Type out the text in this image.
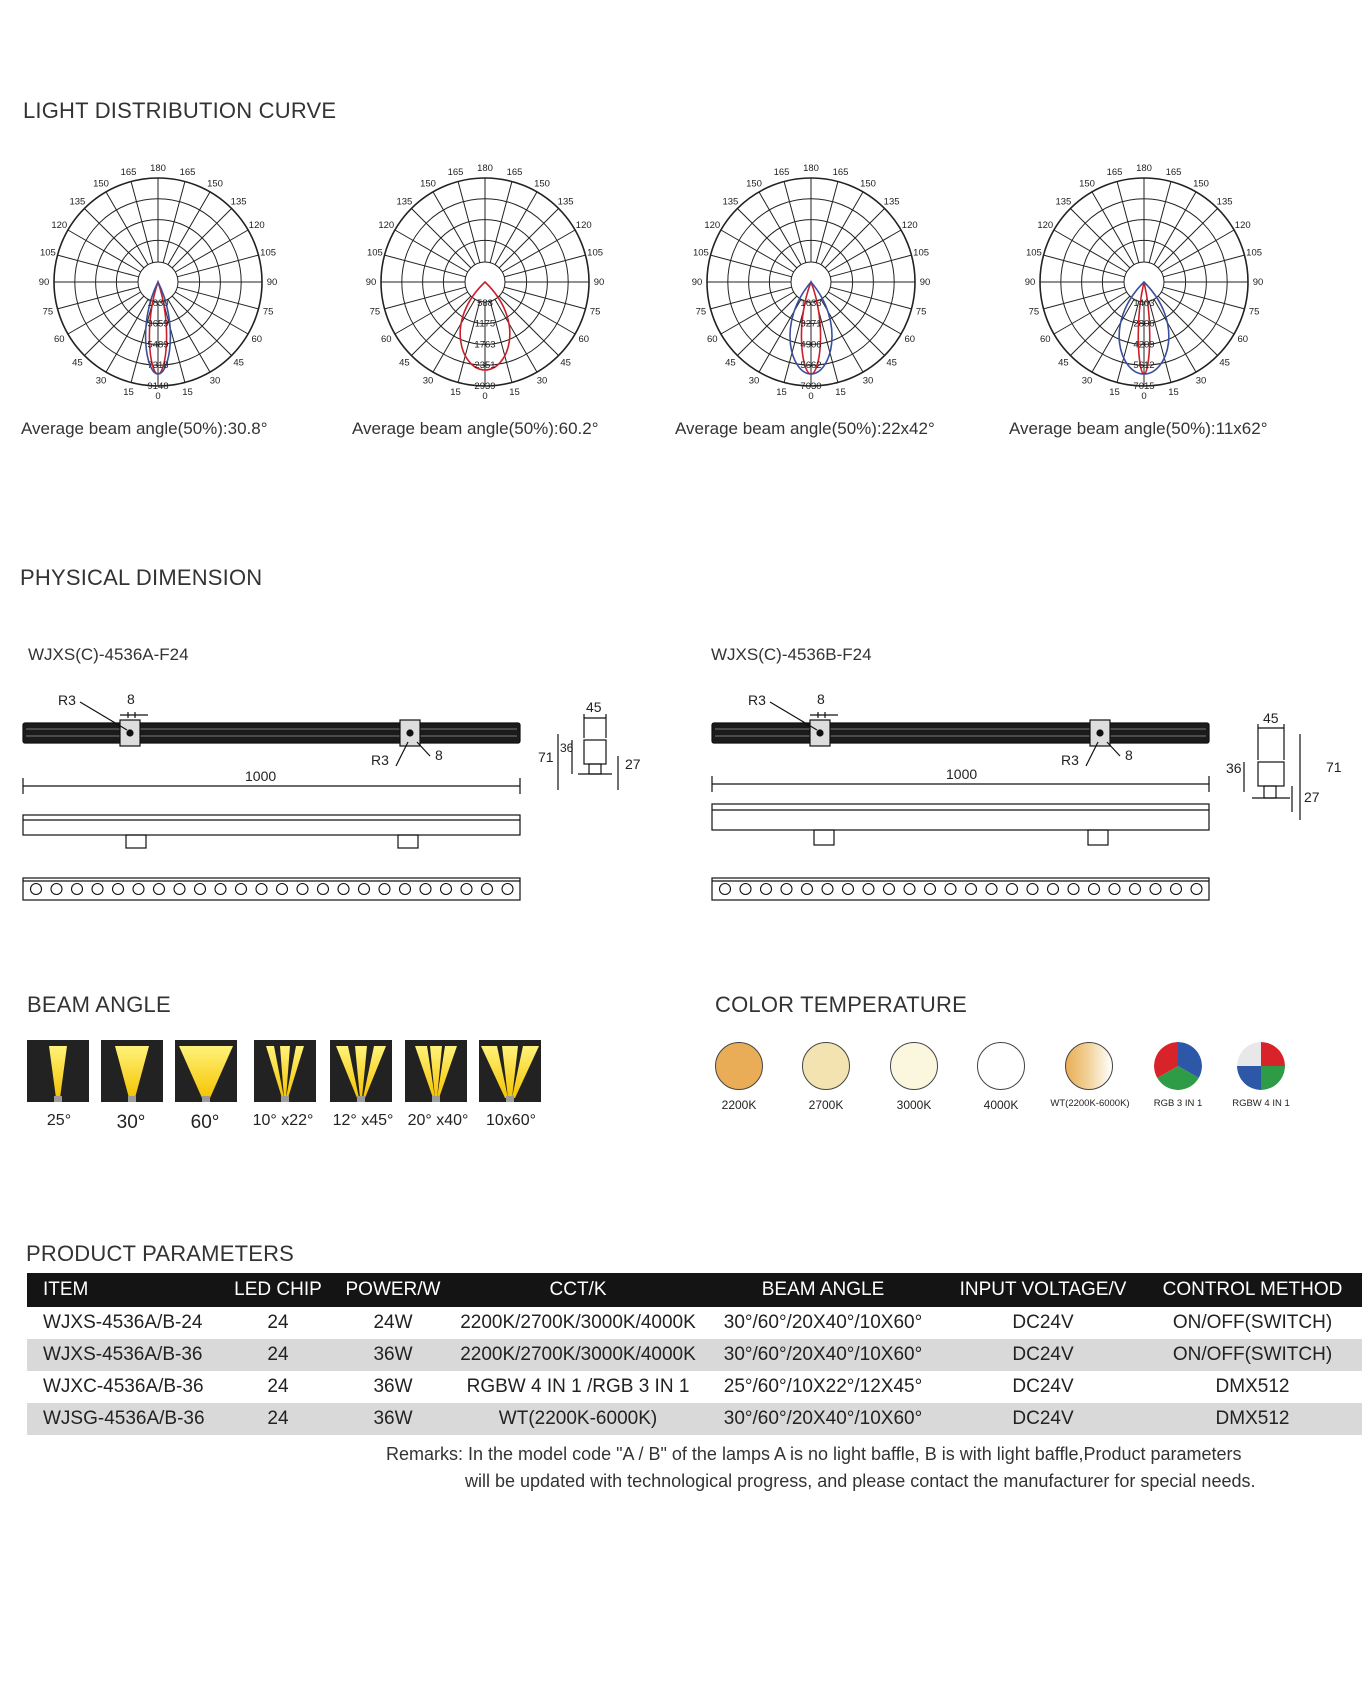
LIGHT DISTRIBUTION CURVE
180 165
165
150
150
135
135
120
120
105
105
90
90
75
75
60
60
45
45
30
30
15
15 0
1830
3659
5489
7318
9148
180 165
165
150
150
135
135
120
120
105
105
90
90
75
75
60
60
45
45
30
30
15
15 0
588
1175
1763
2351
2939
180 165
165
150
150
135
135
120
120
105
105
90
90
75
75
60
60
45
45
30
30
15
15 0
1633
3271
4906
5662
7030
180 165
165
150
150
135
135
120
120
105
105
90
90
75
75
60
60
45
45
30
30
15
15 0
1403
2806
4209
5612
7015
Average beam angle(50%):30.8°	Average beam angle(50%):60.2°	Average beam angle(50%):22x42°	Average beam angle(50%):11x62°
PHYSICAL DIMENSION
WJXS(C)-4536A-F24	WJXS(C)-4536B-F24
R3	8
R3	8
1000
45
71
36
27
R3	8
R3	8
1000
45
36	71
27
BEAM ANGLE
25°	30°	60°	10° x22°	12° x45° 20° x40°	10x60°
COLOR TEMPERATURE
2200K	2700K	3000K	4000K	WT(2200K-6000K)	RGB 3 IN 1	RGBW 4 IN 1
PRODUCT PARAMETERS
ITEM	LED CHIP	POWER/W	CCT/K	BEAM ANGLE	INPUT VOLTAGE/V	CONTROL METHOD
WJXS-4536A/B-24	24	24W	2200K/2700K/3000K/4000K	30°/60°/20X40°/10X60°	DC24V	ON/OFF(SWITCH)
WJXS-4536A/B-36	24	36W	2200K/2700K/3000K/4000K	30°/60°/20X40°/10X60°	DC24V	ON/OFF(SWITCH)
WJXC-4536A/B-36	24	36W	RGBW 4 IN 1 /RGB 3 IN 1	25°/60°/10X22°/12X45°	DC24V	DMX512
WJSG-4536A/B-36	24	36W	WT(2200K-6000K)	30°/60°/20X40°/10X60°	DC24V	DMX512
Remarks: In the model code "A / B" of the lamps A is no light baffle, B is with light baffle,Product parameters
will be updated with technological progress, and please contact the manufacturer for special needs.
